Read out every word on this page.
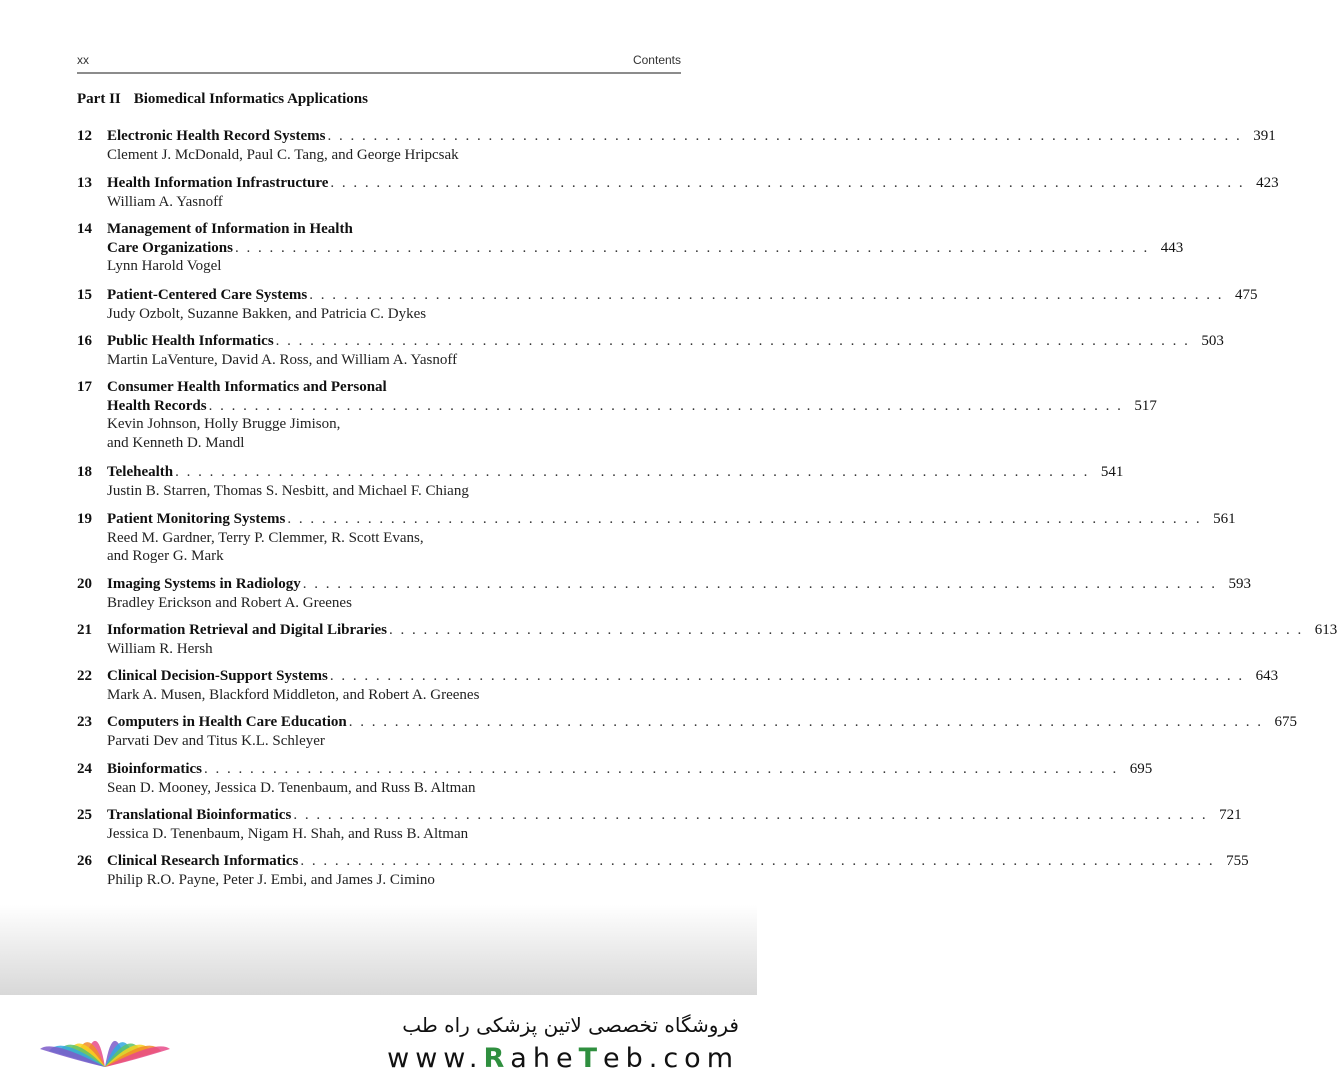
xx	Contents
Part II Biomedical Informatics Applications
12	Electronic Health Record Systems . . . . . . . . . . . . . . . . . . . . . . . . . . . . . . . . . . . . . . . . . . . . . . . . . . . . . . . . . . . . . . . . . . . . . . . . . . . . . . . . 391
Clement J. McDonald, Paul C. Tang, and George Hripcsak
13	Health Information Infrastructure . . . . . . . . . . . . . . . . . . . . . . . . . . . . . . . . . . . . . . . . . . . . . . . . . . . . . . . . . . . . . . . . . . . . . . . . . . . . . . . . 423
William A. Yasnoff
14	Management of Information in Health
Care Organizations . . . . . . . . . . . . . . . . . . . . . . . . . . . . . . . . . . . . . . . . . . . . . . . . . . . . . . . . . . . . . . . . . . . . . . . . . . . . . . . . 443
Lynn Harold Vogel
15	Patient-Centered Care Systems . . . . . . . . . . . . . . . . . . . . . . . . . . . . . . . . . . . . . . . . . . . . . . . . . . . . . . . . . . . . . . . . . . . . . . . . . . . . . . . . 475
Judy Ozbolt, Suzanne Bakken, and Patricia C. Dykes
16	Public Health Informatics . . . . . . . . . . . . . . . . . . . . . . . . . . . . . . . . . . . . . . . . . . . . . . . . . . . . . . . . . . . . . . . . . . . . . . . . . . . . . . . . 503
Martin LaVenture, David A. Ross, and William A. Yasnoff
17	Consumer Health Informatics and Personal
Health Records . . . . . . . . . . . . . . . . . . . . . . . . . . . . . . . . . . . . . . . . . . . . . . . . . . . . . . . . . . . . . . . . . . . . . . . . . . . . . . . . 517
Kevin Johnson, Holly Brugge Jimison,
and Kenneth D. Mandl
18	Telehealth . . . . . . . . . . . . . . . . . . . . . . . . . . . . . . . . . . . . . . . . . . . . . . . . . . . . . . . . . . . . . . . . . . . . . . . . . . . . . . . . 541
Justin B. Starren, Thomas S. Nesbitt, and Michael F. Chiang
19	Patient Monitoring Systems . . . . . . . . . . . . . . . . . . . . . . . . . . . . . . . . . . . . . . . . . . . . . . . . . . . . . . . . . . . . . . . . . . . . . . . . . . . . . . . . 561
Reed M. Gardner, Terry P. Clemmer, R. Scott Evans,
and Roger G. Mark
20	Imaging Systems in Radiology . . . . . . . . . . . . . . . . . . . . . . . . . . . . . . . . . . . . . . . . . . . . . . . . . . . . . . . . . . . . . . . . . . . . . . . . . . . . . . . . 593
Bradley Erickson and Robert A. Greenes
21	Information Retrieval and Digital Libraries . . . . . . . . . . . . . . . . . . . . . . . . . . . . . . . . . . . . . . . . . . . . . . . . . . . . . . . . . . . . . . . . . . . . . . . . . . . . . . . . 613
William R. Hersh
22	Clinical Decision-Support Systems . . . . . . . . . . . . . . . . . . . . . . . . . . . . . . . . . . . . . . . . . . . . . . . . . . . . . . . . . . . . . . . . . . . . . . . . . . . . . . . . 643
Mark A. Musen, Blackford Middleton, and Robert A. Greenes
23	Computers in Health Care Education . . . . . . . . . . . . . . . . . . . . . . . . . . . . . . . . . . . . . . . . . . . . . . . . . . . . . . . . . . . . . . . . . . . . . . . . . . . . . . . . 675
Parvati Dev and Titus K.L. Schleyer
24	Bioinformatics . . . . . . . . . . . . . . . . . . . . . . . . . . . . . . . . . . . . . . . . . . . . . . . . . . . . . . . . . . . . . . . . . . . . . . . . . . . . . . . . 695
Sean D. Mooney, Jessica D. Tenenbaum, and Russ B. Altman
25	Translational Bioinformatics . . . . . . . . . . . . . . . . . . . . . . . . . . . . . . . . . . . . . . . . . . . . . . . . . . . . . . . . . . . . . . . . . . . . . . . . . . . . . . . . 721
Jessica D. Tenenbaum, Nigam H. Shah, and Russ B. Altman
26	Clinical Research Informatics . . . . . . . . . . . . . . . . . . . . . . . . . . . . . . . . . . . . . . . . . . . . . . . . . . . . . . . . . . . . . . . . . . . . . . . . . . . . . . . . 755
Philip R.O. Payne, Peter J. Embi, and James J. Cimino
فروشگاه تخصصی لاتین پزشکی راه طب
www.RaheTeb.com
